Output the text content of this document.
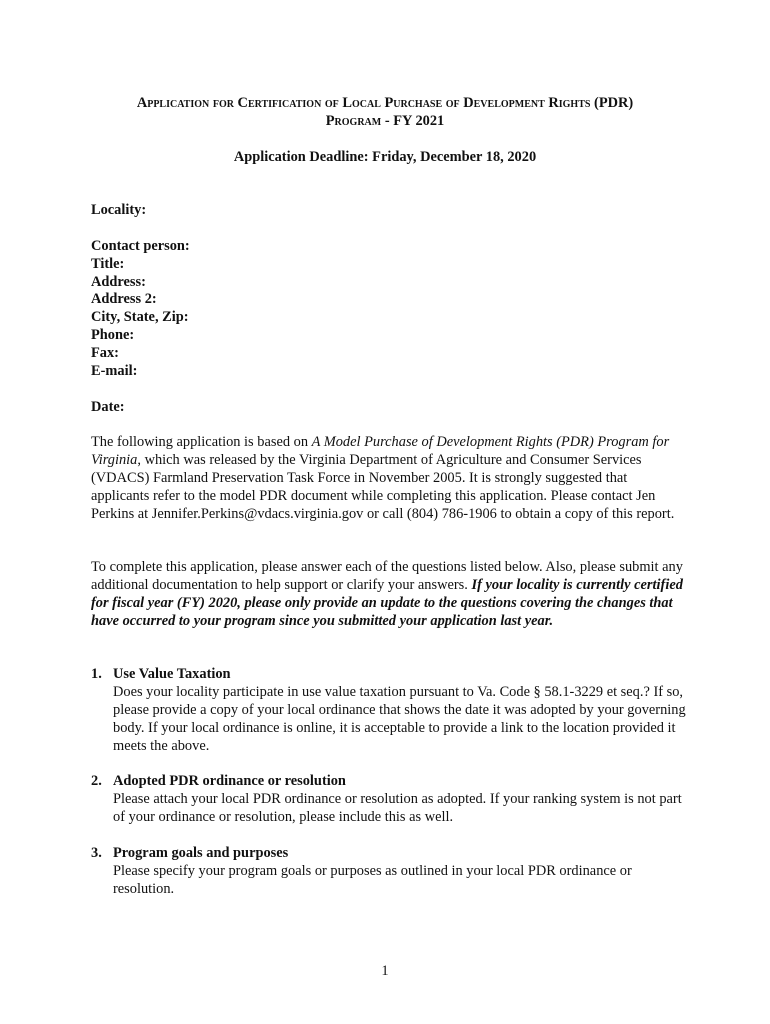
Application for Certification of Local Purchase of Development Rights (PDR)
Program - FY 2021
Application Deadline: Friday, December 18, 2020

Locality:

Contact person:

Title:

Address:

Address 2:

City, State, Zip:

Phone:

Fax:

E-mail:

Date:

The following application is based on A Model Purchase of Development Rights (PDR) Program for Virginia, which was released by the Virginia Department of Agriculture and Consumer Services (VDACS) Farmland Preservation Task Force in November 2005. It is strongly suggested that applicants refer to the model PDR document while completing this application. Please contact Jen Perkins at Jennifer.Perkins@vdacs.virginia.gov or call (804) 786-1906 to obtain a copy of this report.

To complete this application, please answer each of the questions listed below. Also, please submit any additional documentation to help support or clarify your answers. If your locality is currently certified for fiscal year (FY) 2020, please only provide an update to the questions covering the changes that have occurred to your program since you submitted your application last year.

1. Use Value Taxation

Does your locality participate in use value taxation pursuant to Va. Code § 58.1-3229 et seq.? If so, please provide a copy of your local ordinance that shows the date it was adopted by your governing body. If your local ordinance is online, it is acceptable to provide a link to the location provided it meets the above.

2. Adopted PDR ordinance or resolution

Please attach your local PDR ordinance or resolution as adopted. If your ranking system is not part of your ordinance or resolution, please include this as well.

3. Program goals and purposes

Please specify your program goals or purposes as outlined in your local PDR ordinance or resolution.

1
